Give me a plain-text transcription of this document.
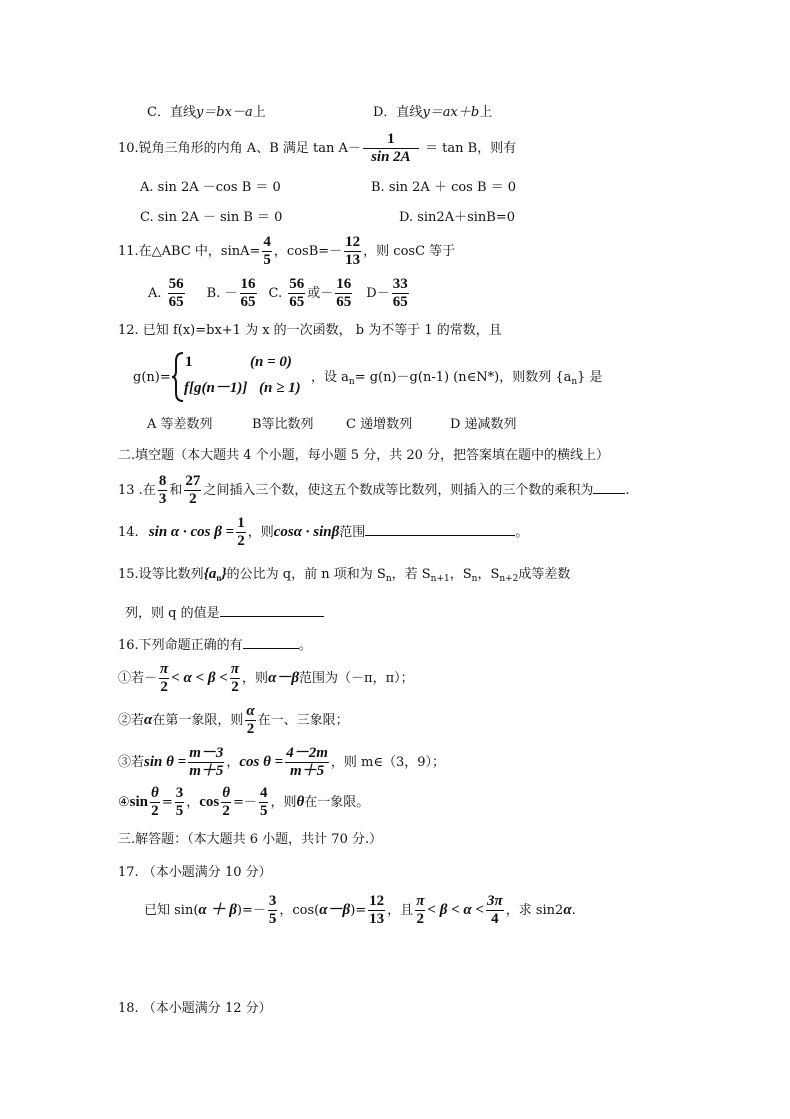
C．直线y＝bx－a上	D．直线y＝ax＋b上
10.锐角三角形的内角 A、B 满足 $\tan A- \frac{1}{\sin 2A} = \tan B$，则有
A. sin 2A －cos B ＝ 0	B. sin 2A ＋ cos B ＝ 0
C. sin 2A － sin B ＝ 0	D. sin2A＋sinB=0
11.在△ABC 中，$\sin A= \frac{4}{5}$ ，$\cos B=- \frac{12}{13}$ ，则 cosC 等于
A. $\frac{56}{65} B$. － $\frac{16}{65} C$. $\frac{56}{65}$ 或－ $\frac{16}{65} D- \frac{33}{65}$
12. 已知 f(x)=bx+1 为 x 的一次函数， b 为不等于 1 的常数，且
g(n)=
1	(n = 0)
f[g(n－1)] (n ≥ 1)
，设 $a_n= g(n)-g(n-1)$ (n∈N*)，则数列 $\{a_n\}$ 是
A 等差数列	B等比数列 C 递增数列	D 递减数列
二.填空题（本大题共 4 个小题，每小题 5 分，共 20 分，把答案填在题中的横线上）
13 .在 $\frac{8}{3}$ 和 $\frac{27}{2}$ 之间插入三个数，使这五个数成等比数列，则插入的三个数的乘积为 .
14. $\sin \alpha \cdot \cos \beta = \frac{1}{2}$ ，则cosα · sinβ范围	。
15.设等比数列$\{a_n\}$的公比为 q，前 n 项和为 $S_n$，若 $S_{n+1}$，$S_n$，$S_{n+2}$成等差数
列，则 q 的值是
16.下列命题正确的有	。
①若－ $\frac{\pi}{2} < \alpha < \beta < \frac{\pi}{2}$ ，则α－β范围为（－π，π）；
②若α在第一象限，则 $\frac{\alpha}{2}$ 在一、三象限；
③若$\sin \theta = \frac{m-3}{m+5}$ ，$\cos \theta = \frac{4-2m}{m+5}$ ，则 m∈（3，9）；
④sin $\frac{\theta}{2} = \frac{3}{5}$ ，$\cos \frac{\theta}{2} =- \frac{4}{5}$ ，则θ在一象限。
三.解答题：（本大题共 6 小题，共计 70 分.）
17. （本小题满分 10 分）
已知 $\sin(\alpha + \beta)=- \frac{3}{5}$ ，$\cos(\alpha-\beta)= \frac{12}{13}$ ，且 $\frac{\pi}{2} < \beta < \alpha < \frac{3\pi}{4}$ ，求 sin2α.
18. （本小题满分 12 分）
